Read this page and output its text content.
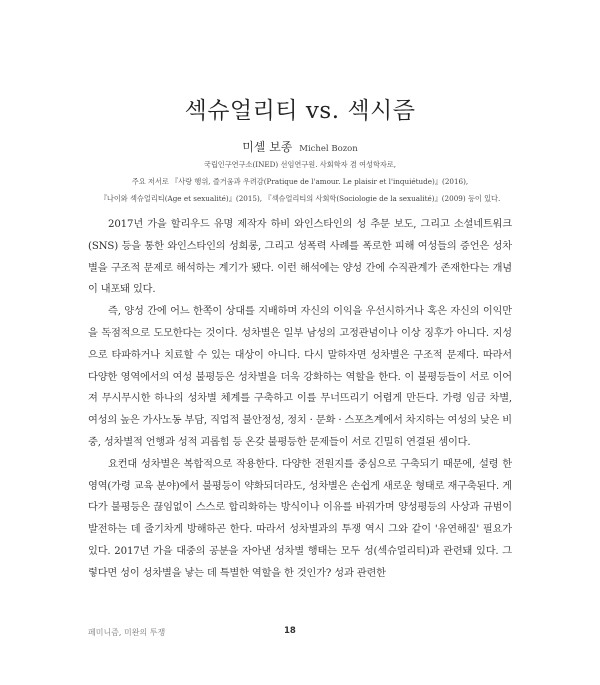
섹슈얼리티 vs. 섹시즘
미셸 보종 Michel Bozon
국립인구연구소(INED) 선임연구원. 사회학자 겸 여성학자로,
주요 저서로 『사랑 행위, 즐거움과 우려감(Pratique de l'amour. Le plaisir et l'inquiétude)』(2016),
『나이와 섹슈얼리티(Age et sexualité)』(2015), 『섹슈얼리티의 사회학(Sociologie de la sexualité)』(2009) 등이 있다.

2017년 가을 할리우드 유명 제작자 하비 와인스타인의 성 추문 보도, 그리고 소셜네트워크(SNS) 등을 통한 와인스타인의 성희롱, 그리고 성폭력 사례를 폭로한 피해 여성들의 증언은 성차별을 구조적 문제로 해석하는 계기가 됐다. 이런 해석에는 양성 간에 수직관계가 존재한다는 개념이 내포돼 있다.

즉, 양성 간에 어느 한쪽이 상대를 지배하며 자신의 이익을 우선시하거나 혹은 자신의 이익만을 독점적으로 도모한다는 것이다. 성차별은 일부 남성의 고정관념이나 이상 징후가 아니다. 지성으로 타파하거나 치료할 수 있는 대상이 아니다. 다시 말하자면 성차별은 구조적 문제다. 따라서 다양한 영역에서의 여성 불평등은 성차별을 더욱 강화하는 역할을 한다. 이 불평등들이 서로 이어져 무시무시한 하나의 성차별 체계를 구축하고 이를 무너뜨리기 어렵게 만든다. 가령 임금 차별, 여성의 높은 가사노동 부담, 직업적 불안정성, 정치 · 문화 · 스포츠계에서 차지하는 여성의 낮은 비중, 성차별적 언행과 성적 괴롭힘 등 온갖 불평등한 문제들이 서로 긴밀히 연결된 셈이다.

요컨대 성차별은 복합적으로 작용한다. 다양한 전원지를 중심으로 구축되기 때문에, 설령 한 영역(가령 교육 분야)에서 불평등이 약화되더라도, 성차별은 손쉽게 새로운 형태로 재구축된다. 게다가 불평등은 끊임없이 스스로 합리화하는 방식이나 이유를 바꿔가며 양성평등의 사상과 규범이 발전하는 데 줄기차게 방해하곤 한다. 따라서 성차별과의 투쟁 역시 그와 같이 '유연해질' 필요가 있다. 2017년 가을 대중의 공분을 자아낸 성차별 행태는 모두 성(섹슈얼리티)과 관련돼 있다. 그렇다면 성이 성차별을 낳는 데 특별한 역할을 한 것인가? 성과 관련한

페미니즘, 미완의 투쟁	18
